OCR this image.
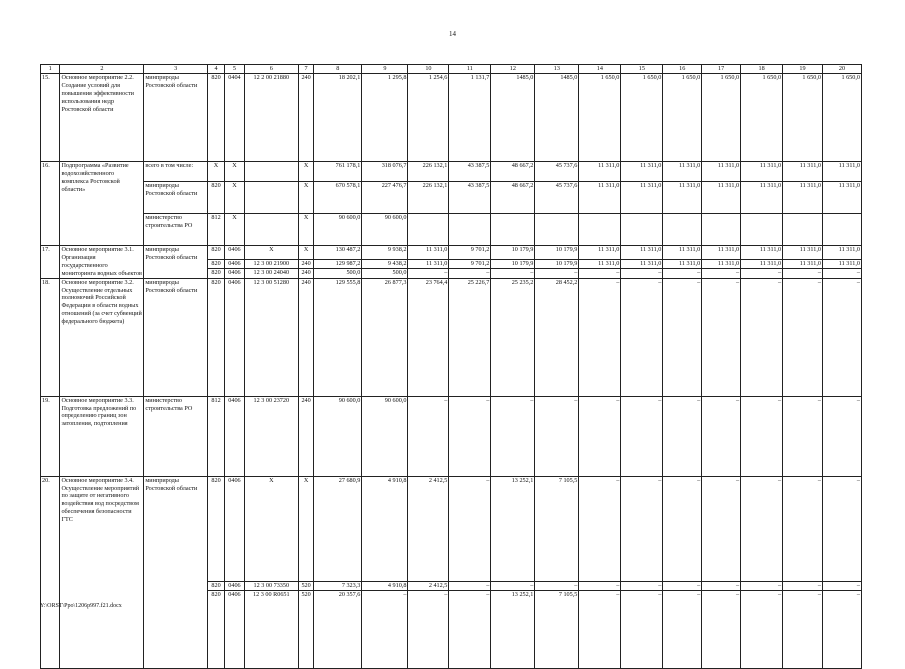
14
1	2	3	4	5	6	7	8	9	10	11	12	13	14	15	16	17	18	19	20
15.	Основное мероприятие 2.2. Создание условий для повышения эффективности использования недр Ростовской области	минприроды Ростовской области	820	0404	12 2 00 21880	240	18 202,1	1 295,8	1 254,6	1 131,7	1485,0	1485,0	1 650,0	1 650,0	1 650,0	1 650,0	1 650,0	1 650,0	1 650,0
16.	Подпрограмма «Развитие водохозяйственного комплекса Ростовской области»	всего в том числе:	X	X		X	761 178,1	318 076,7	226 132,1	43 387,5	48 667,2	45 737,6	11 311,0	11 311,0	11 311,0	11 311,0	11 311,0	11 311,0	11 311,0
		минприроды Ростовской области	820	X		X	670 578,1	227 476,7	226 132,1	43 387,5	48 667,2	45 737,6	11 311,0	11 311,0	11 311,0	11 311,0	11 311,0	11 311,0	11 311,0
		министерство строительства РО	812	X		X	90 600,0	90 600,0											
17.	Основное мероприятие 3.1. Организация государственного мониторинга водных объектов	минприроды Ростовской области	820	0406	X	X	130 487,2	9 938,2	11 311,0	9 701,2	10 179,9	10 179,9	11 311,0	11 311,0	11 311,0	11 311,0	11 311,0	11 311,0	11 311,0
			820	0406	12 3 00 21900	240	129 987,2	9 438,2	11 311,0	9 701,2	10 179,9	10 179,9	11 311,0	11 311,0	11 311,0	11 311,0	11 311,0	11 311,0	11 311,0
			820	0406	12 3 00 24040	240	500,0	500,0	–	–	–	–	–	–	–	–	–	–	–
18.	Основное мероприятие 3.2. Осуществление отдельных полномочий Российской Федерации в области водных отношений (за счет субвенций федерального бюджета)	минприроды Ростовской области	820	0406	12 3 00 51280	240	129 555,8	26 877,3	23 764,4	25 226,7	25 235,2	28 452,2	–	–	–	–	–	–	–
19.	Основное мероприятие 3.3. Подготовка предложений по определению границ зон затопления, подтопления	министерство строительства РО	812	0406	12 3 00 23720	240	90 600,0	90 600,0	–	–	–	–	–	–	–	–	–	–	–
20.	Основное мероприятие 3.4. Осуществление мероприятий по защите от негативного воздействия вод посредством обеспечения безопасности ГТС	минприроды Ростовской области	820	0406	X	X	27 680,9	4 910,8	2 412,5	–	13 252,1	7 105,5	–	–	–	–	–	–	–
			820	0406	12 3 00 73350	520	7 323,3	4 910,8	2 412,5	–	–	–	–	–	–	–	–	–	–
			820	0406	12 3 00 R0651	520	20 357,6	–	–	–	13 252,1	7 105,5	–	–	–	–	–	–	–
Y:\ORST\Ppo\1206p997.f21.docx
